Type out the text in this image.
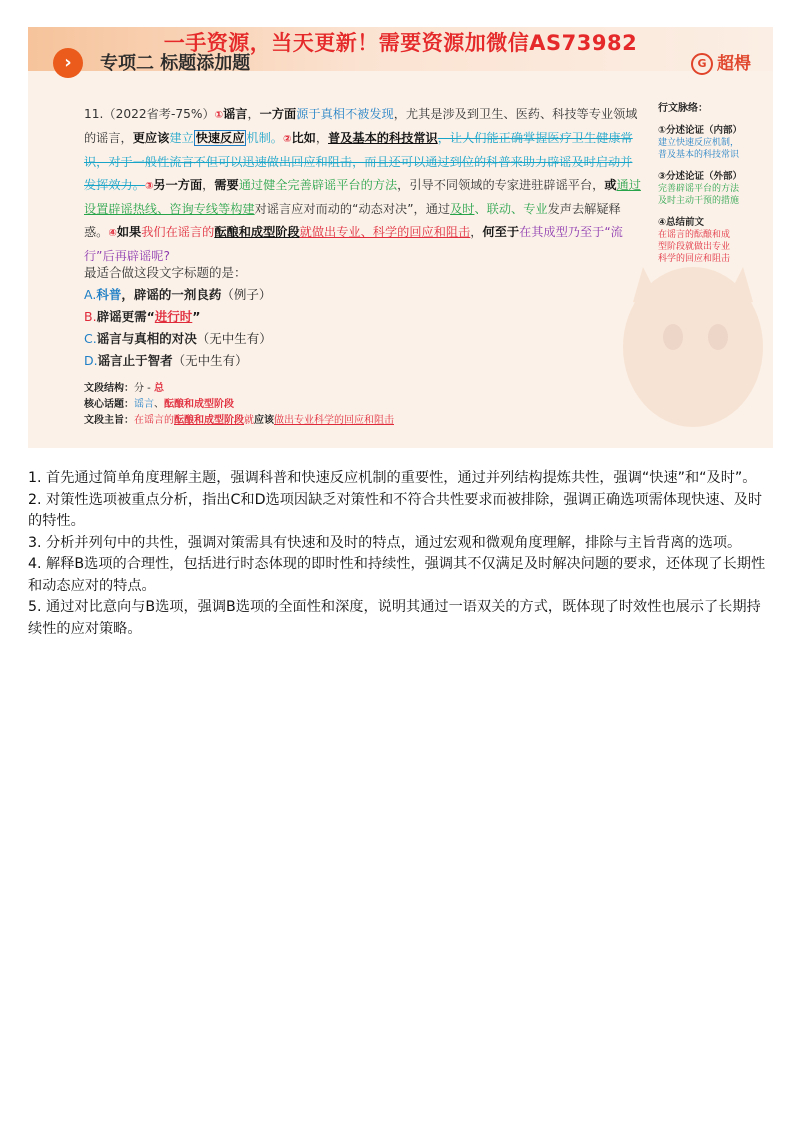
一手资源，当天更新！需要资源加微信AS73982
›	专项二 标题添加题	G 超棏
11.（2022省考-75%）①谣言，一方面源于真相不被发现，尤其是涉及到卫生、医药、科技等专业领域的谣言，更应该建立 快速反应 机制。②比如，普及基本的科技常识，让人们能正确掌握医疗卫生健康常识，对于一般性流言不但可以迅速做出回应和阻击，而且还可以通过到位的科普来助力辟谣及时启动并发挥效力。③另一方面，需要通过健全完善辟谣平台的方法，引导不同领域的专家进驻辟谣平台，或通过设置辟谣热线、咨询专线等构建对谣言应对而动的“动态对决”，通过及时、联动、专业发声去解疑释惑。④如果我们在谣言的酝酿和成型阶段就做出专业、科学的回应和阻击，何至于在其成型乃至于“流行”后再辟谣呢?
最适合做这段文字标题的是：
A.科普，辟谣的一剂良药（例子）
B.辟谣更需“进行时”
C.谣言与真相的对决（无中生有）
D.谣言止于智者（无中生有）
文段结构：分 - 总
核心话题：谣言、酝酿和成型阶段
文段主旨：在谣言的酝酿和成型阶段就应该做出专业科学的回应和阻击
行文脉络：
①分述论证（内部）
建立快速反应机制，
普及基本的科技常识
③分述论证（外部）
完善辟谣平台的方法
及时主动干预的措施
④总结前文
在谣言的酝酿和成
型阶段就做出专业
科学的回应和阻击

1. 首先通过简单角度理解主题，强调科普和快速反应机制的重要性，通过并列结构提炼共性，强调“快速”和“及时”。

2. 对策性选项被重点分析，指出C和D选项因缺乏对策性和不符合共性要求而被排除，强调正确选项需体现快速、及时的特性。

3. 分析并列句中的共性，强调对策需具有快速和及时的特点，通过宏观和微观角度理解，排除与主旨背离的选项。

4. 解释B选项的合理性，包括进行时态体现的即时性和持续性，强调其不仅满足及时解决问题的要求，还体现了长期性和动态应对的特点。

5. 通过对比意向与B选项，强调B选项的全面性和深度，说明其通过一语双关的方式，既体现了时效性也展示了长期持续性的应对策略。
